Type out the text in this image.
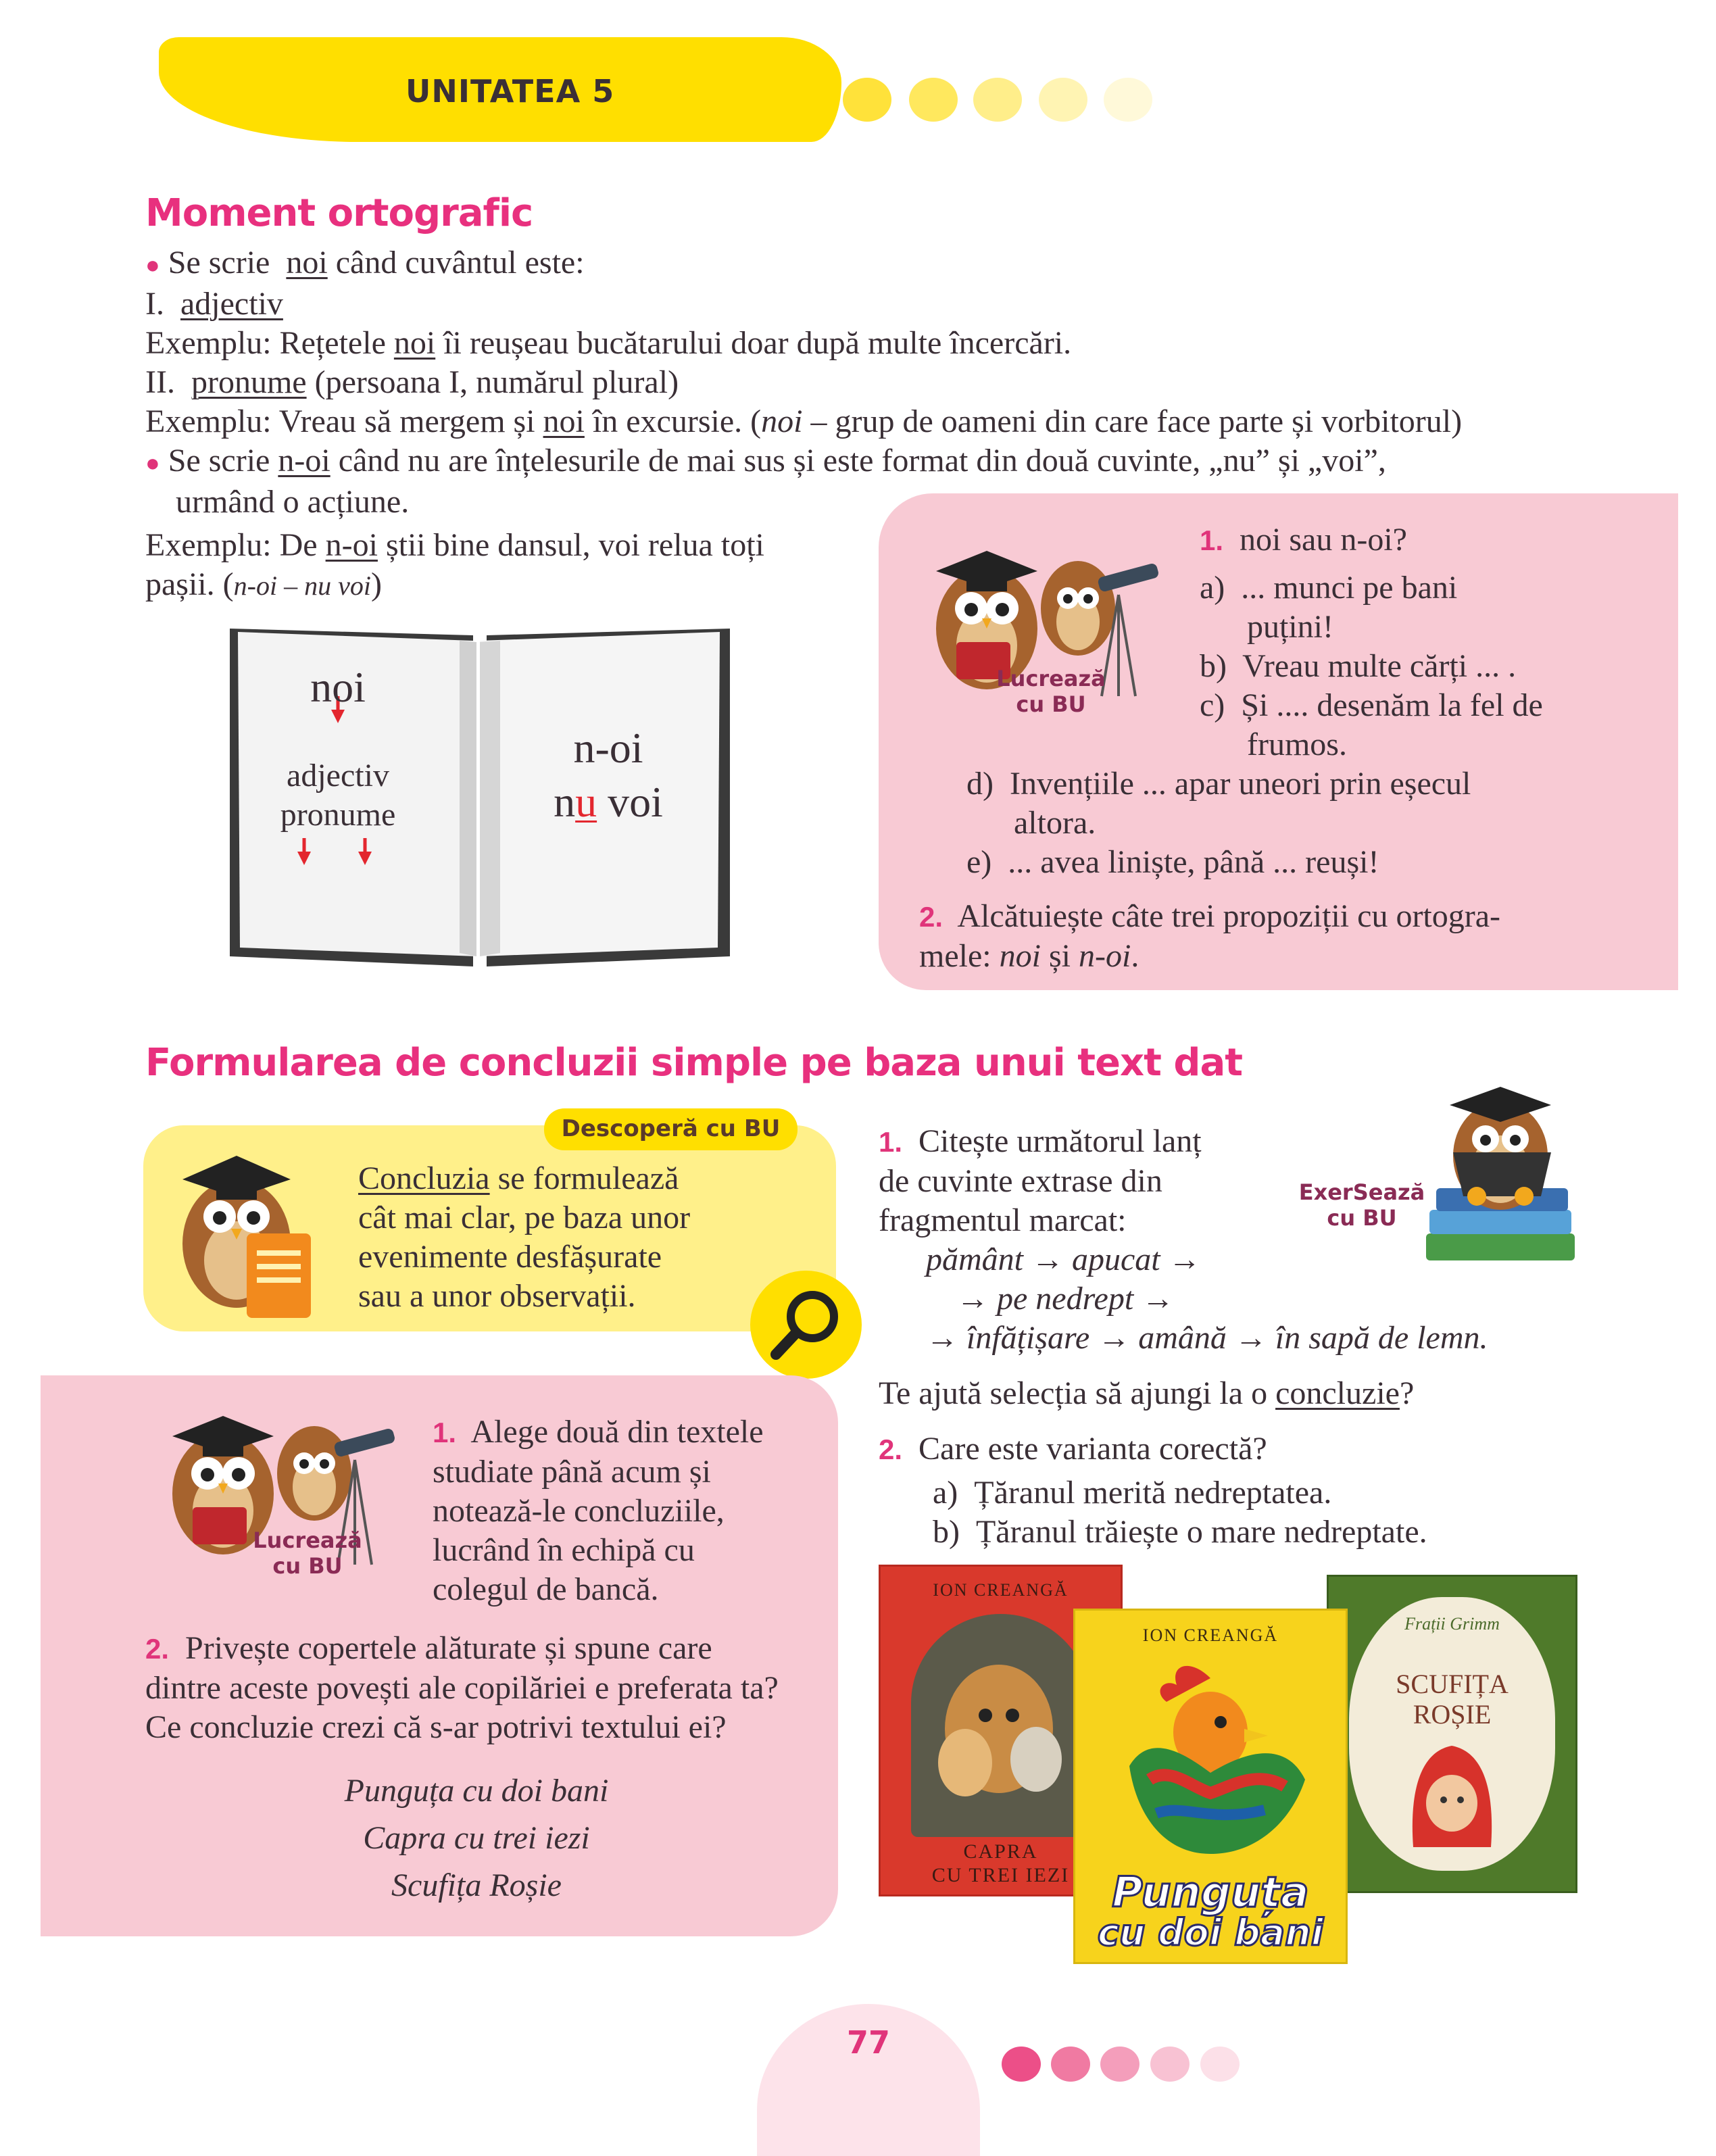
UNITATEA 5
Moment ortografic
● Se scrie noi când cuvântul este:
I. adjectiv
Exemplu: Rețetele noi îi reușeau bucătarului doar după multe încercări.
II. pronume (persoana I, numărul plural)
Exemplu: Vreau să mergem și noi în excursie. (noi – grup de oameni din care face parte și vorbitorul)
● Se scrie n-oi când nu are înțelesurile de mai sus și este format din două cuvinte, „nu” și „voi”,
urmând o acțiune.
Exemplu: De n-oi știi bine dansul, voi relua toți
pașii. (n-oi – nu voi)
noi
adjectiv
pronume
n-oi
nu voi
Lucrează
cu BU
1. noi sau n-oi?
a) ... munci pe bani
puțini!
b) Vreau multe cărți ... .
c) Și .... desenăm la fel de
frumos.
d) Invențiile ... apar uneori prin eșecul
altora.
e) ... avea liniște, până ... reuși!
2. Alcătuiește câte trei propoziții cu ortogra-
mele: noi și n-oi.
Formularea de concluzii simple pe baza unui text dat
Descoperă cu BU
Concluzia se formulează
cât mai clar, pe baza unor
evenimente desfășurate
sau a unor observații.
ExerSează
cu BU
1. Citește următorul lanț
de cuvinte extrase din
fragmentul marcat:
pământ → apucat →
→ pe nedrept →
→ înfățișare → amână → în sapă de lemn.
Te ajută selecția să ajungi la o concluzie?
2. Care este varianta corectă?
a) Țăranul merită nedreptatea.
b) Țăranul trăiește o mare nedreptate.
Lucrează
cu BU
1. Alege două din textele
studiate până acum și
notează-le concluziile,
lucrând în echipă cu
colegul de bancă.
2. Privește copertele alăturate și spune care
dintre aceste povești ale copilăriei e preferata ta?
Ce concluzie crezi că s-ar potrivi textului ei?
Punguța cu doi bani
Capra cu trei iezi
Scufița Roșie
ION CREANGĂ
CAPRA
CU TREI IEZI
Frații Grimm
SCUFIȚA
ROȘIE
ION CREANGĂ
Punguța
cu doi bani
77
